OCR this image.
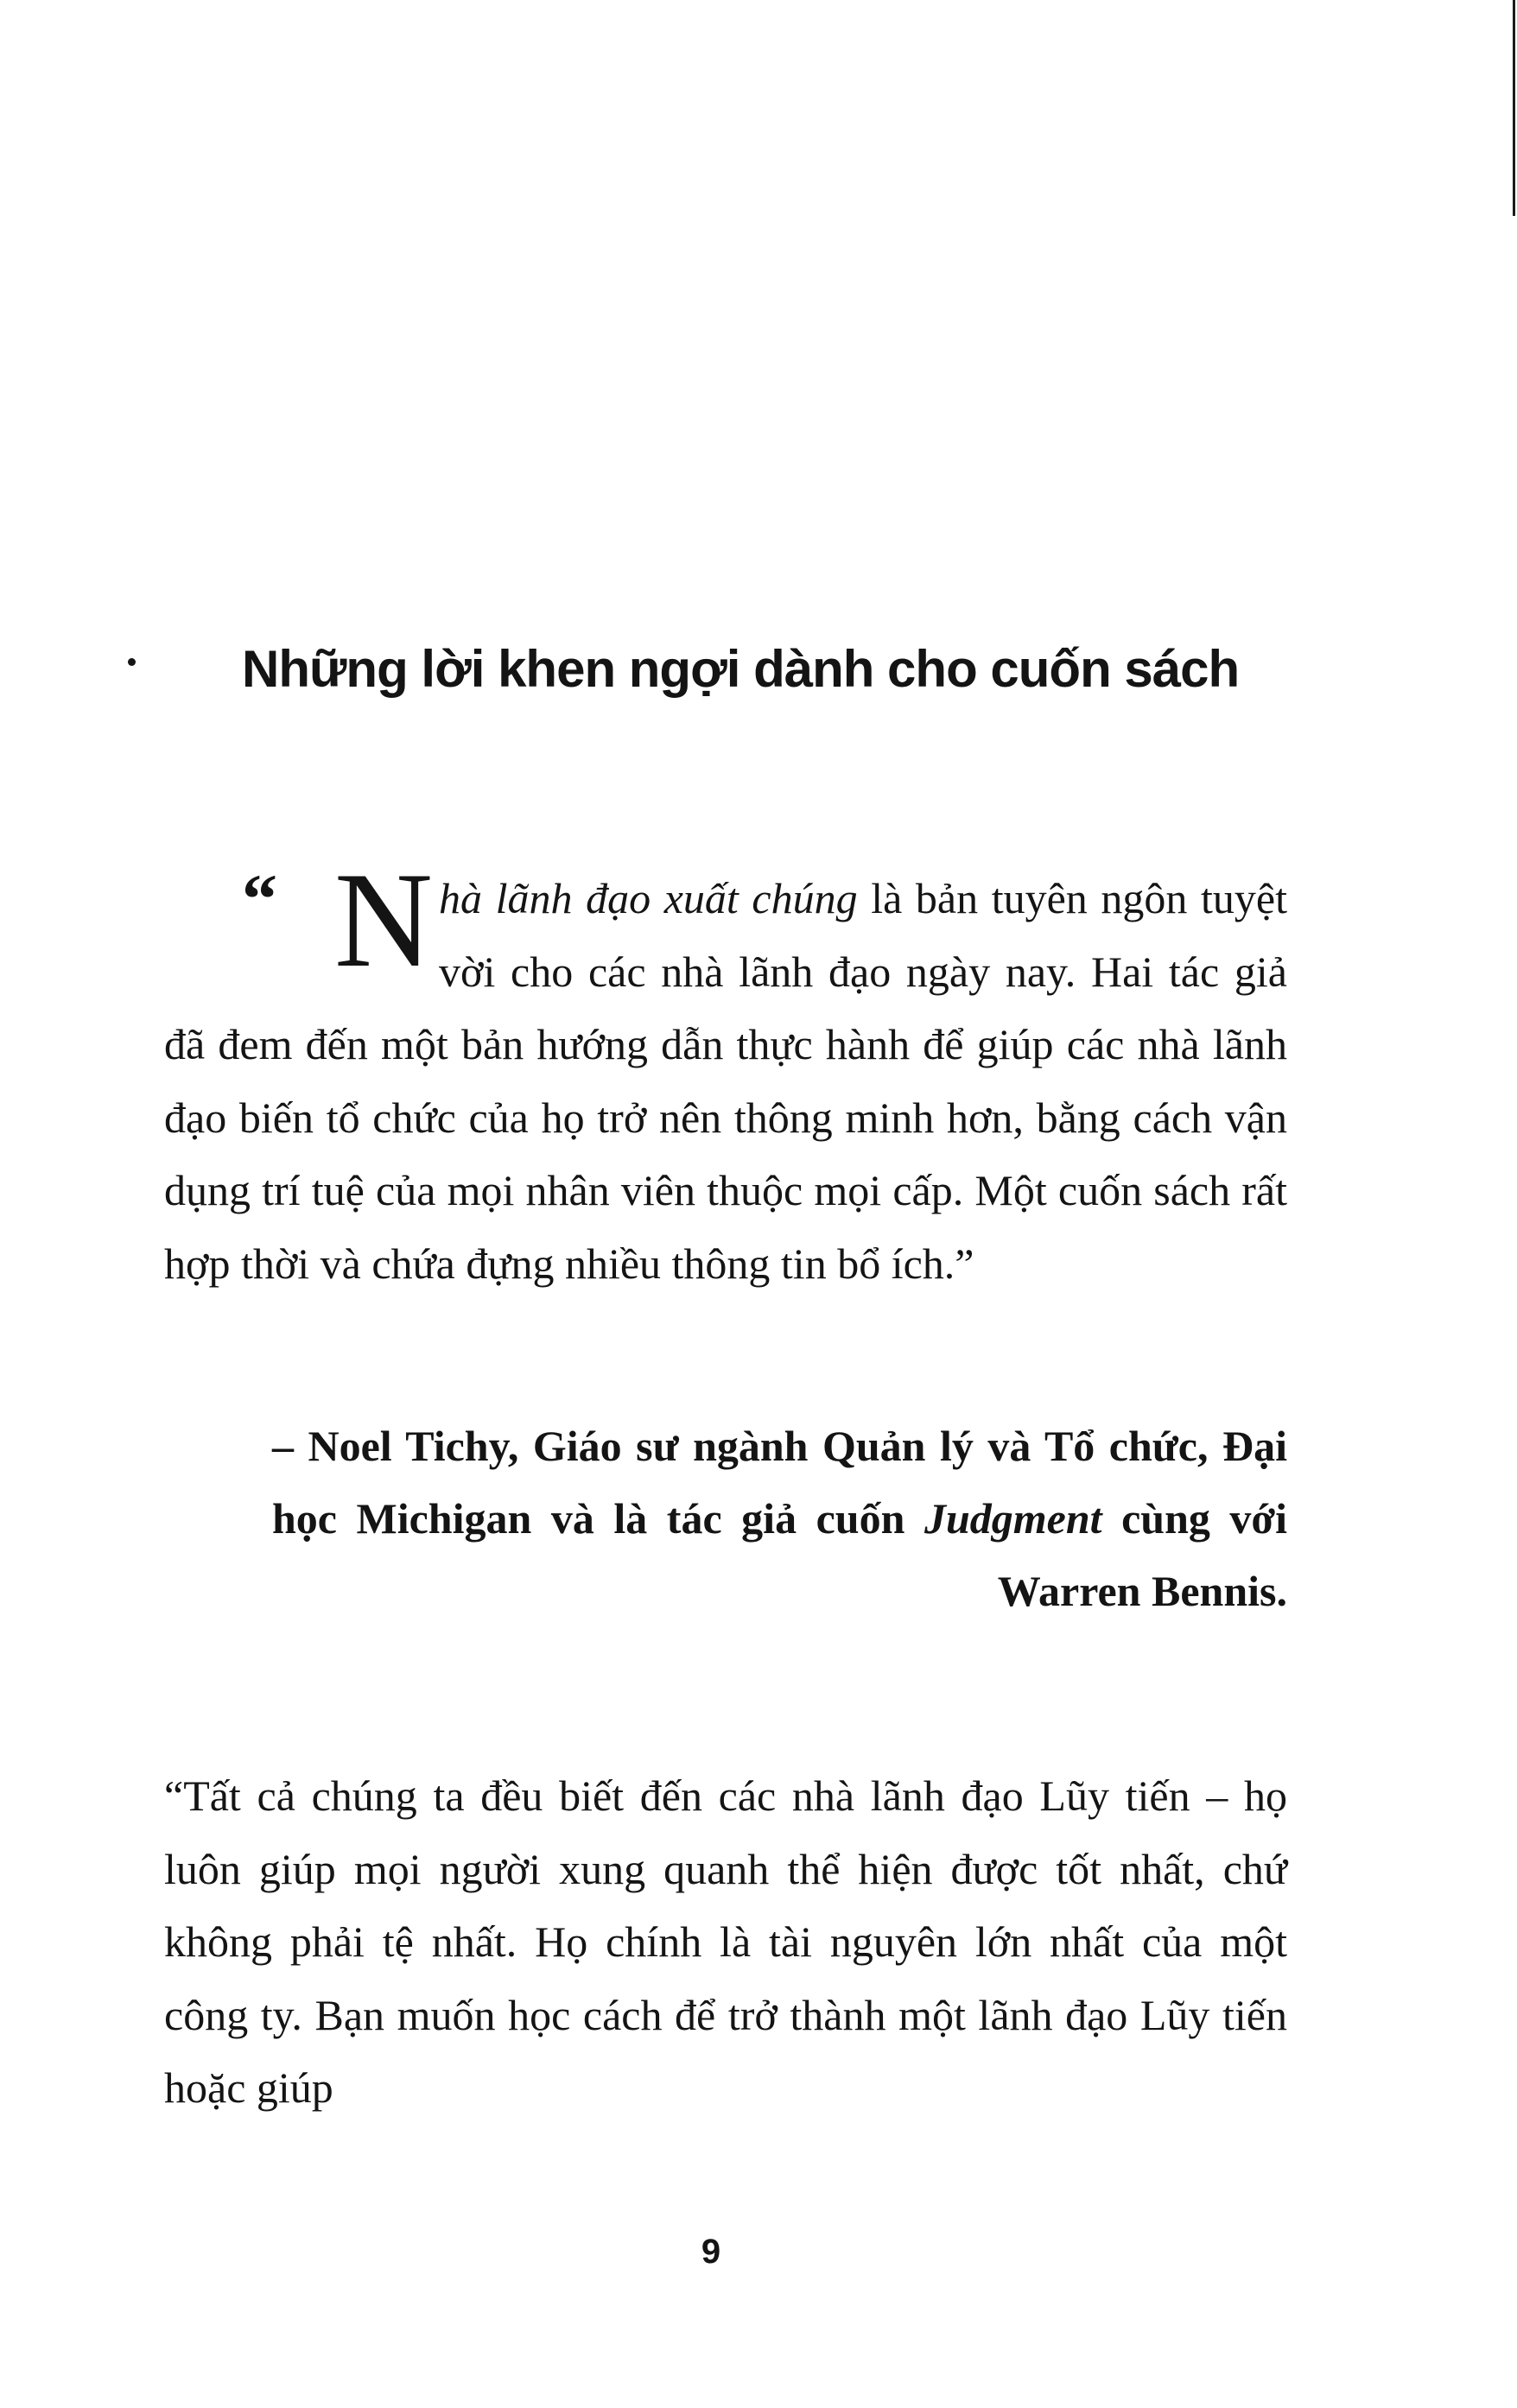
Những lời khen ngợi dành cho cuốn sách
“ Nhà lãnh đạo xuất chúng là bản tuyên ngôn tuyệt vời cho các nhà lãnh đạo ngày nay. Hai tác giả đã đem đến một bản hướng dẫn thực hành để giúp các nhà lãnh đạo biến tổ chức của họ trở nên thông minh hơn, bằng cách vận dụng trí tuệ của mọi nhân viên thuộc mọi cấp. Một cuốn sách rất hợp thời và chứa đựng nhiều thông tin bổ ích.”

– Noel Tichy, Giáo sư ngành Quản lý và Tổ chức, Đại học Michigan và là tác giả cuốn Judgment cùng với Warren Bennis.

“Tất cả chúng ta đều biết đến các nhà lãnh đạo Lũy tiến – họ luôn giúp mọi người xung quanh thể hiện được tốt nhất, chứ không phải tệ nhất. Họ chính là tài nguyên lớn nhất của một công ty. Bạn muốn học cách để trở thành một lãnh đạo Lũy tiến hoặc giúp

9
